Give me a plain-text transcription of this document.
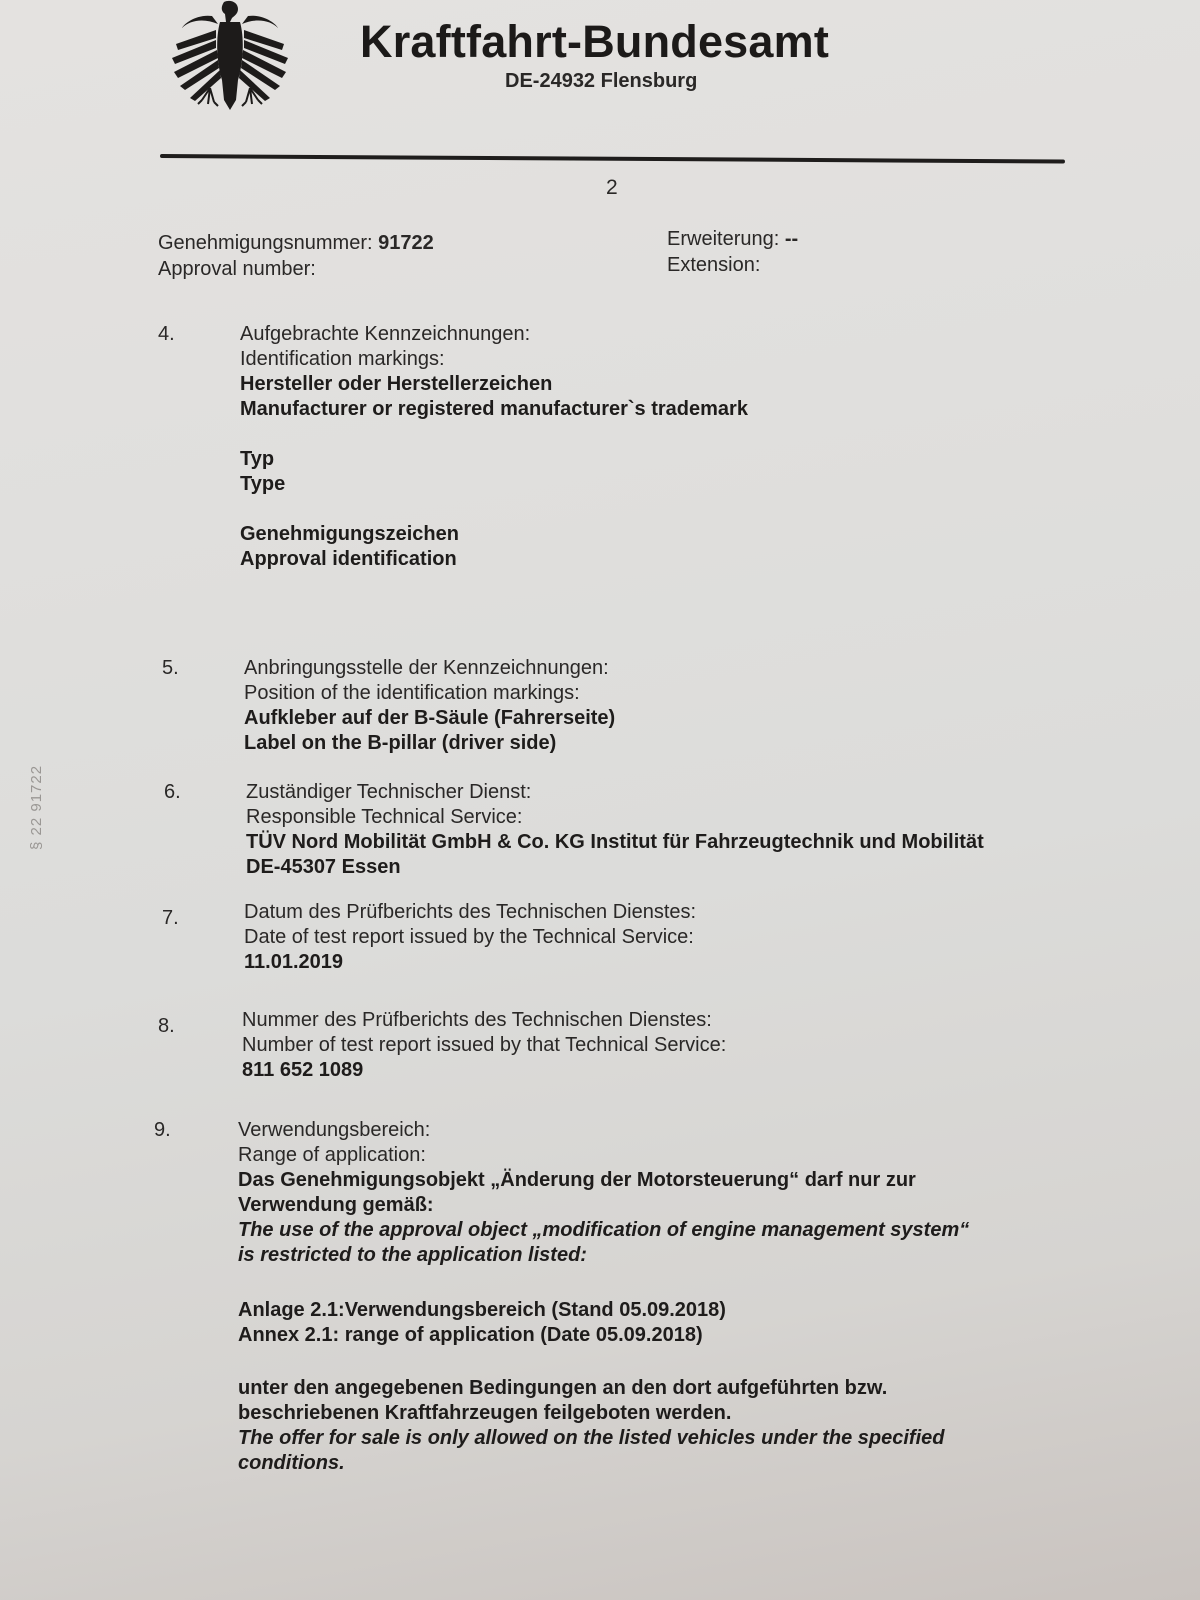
Kraftfahrt-Bundesamt
DE-24932 Flensburg
2
§ 22 91722
Genehmigungsnummer: 91722
Approval number:
Erweiterung: --
Extension:
4.	Aufgebrachte Kennzeichnungen:
Identification markings:
Hersteller oder Herstellerzeichen
Manufacturer or registered manufacturer`s trademark
Typ
Type
Genehmigungszeichen
Approval identification
5.	Anbringungsstelle der Kennzeichnungen:
Position of the identification markings:
Aufkleber auf der B-Säule (Fahrerseite)
Label on the B-pillar (driver side)
6.	Zuständiger Technischer Dienst:
Responsible Technical Service:
TÜV Nord Mobilität GmbH & Co. KG Institut für Fahrzeugtechnik und Mobilität
DE-45307 Essen
7.	Datum des Prüfberichts des Technischen Dienstes:
Date of test report issued by the Technical Service:
11.01.2019
8.	Nummer des Prüfberichts des Technischen Dienstes:
Number of test report issued by that Technical Service:
811 652 1089
9.	Verwendungsbereich:
Range of application:
Das Genehmigungsobjekt „Änderung der Motorsteuerung“ darf nur zur
Verwendung gemäß:
The use of the approval object „modification of engine management system“
is restricted to the application listed:
Anlage 2.1:Verwendungsbereich (Stand 05.09.2018)
Annex 2.1: range of application (Date 05.09.2018)
unter den angegebenen Bedingungen an den dort aufgeführten bzw.
beschriebenen Kraftfahrzeugen feilgeboten werden.
The offer for sale is only allowed on the listed vehicles under the specified
conditions.
